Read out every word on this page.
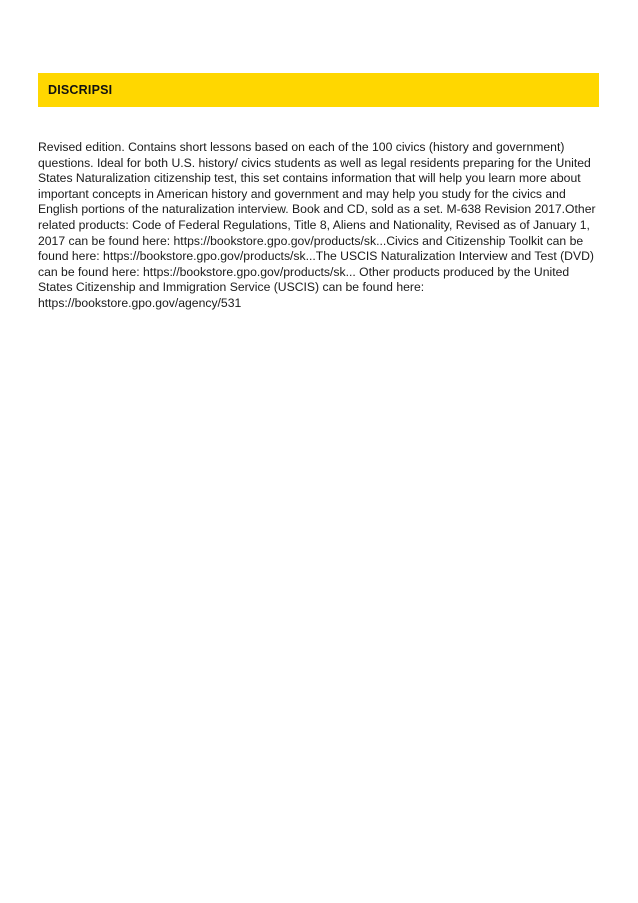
DISCRIPSI

Revised edition. Contains short lessons based on each of the 100 civics (history and government) questions. Ideal for both U.S. history/ civics students as well as legal residents preparing for the United States Naturalization citizenship test, this set contains information that will help you learn more about important concepts in American history and government and may help you study for the civics and English portions of the naturalization interview. Book and CD, sold as a set. M-638 Revision 2017.Other related products: Code of Federal Regulations, Title 8, Aliens and Nationality, Revised as of January 1, 2017 can be found here: https://bookstore.gpo.gov/products/sk...Civics and Citizenship Toolkit can be found here: https://bookstore.gpo.gov/products/sk...The USCIS Naturalization Interview and Test (DVD) can be found here: https://bookstore.gpo.gov/products/sk... Other products produced by the United States Citizenship and Immigration Service (USCIS) can be found here: https://bookstore.gpo.gov/agency/531
